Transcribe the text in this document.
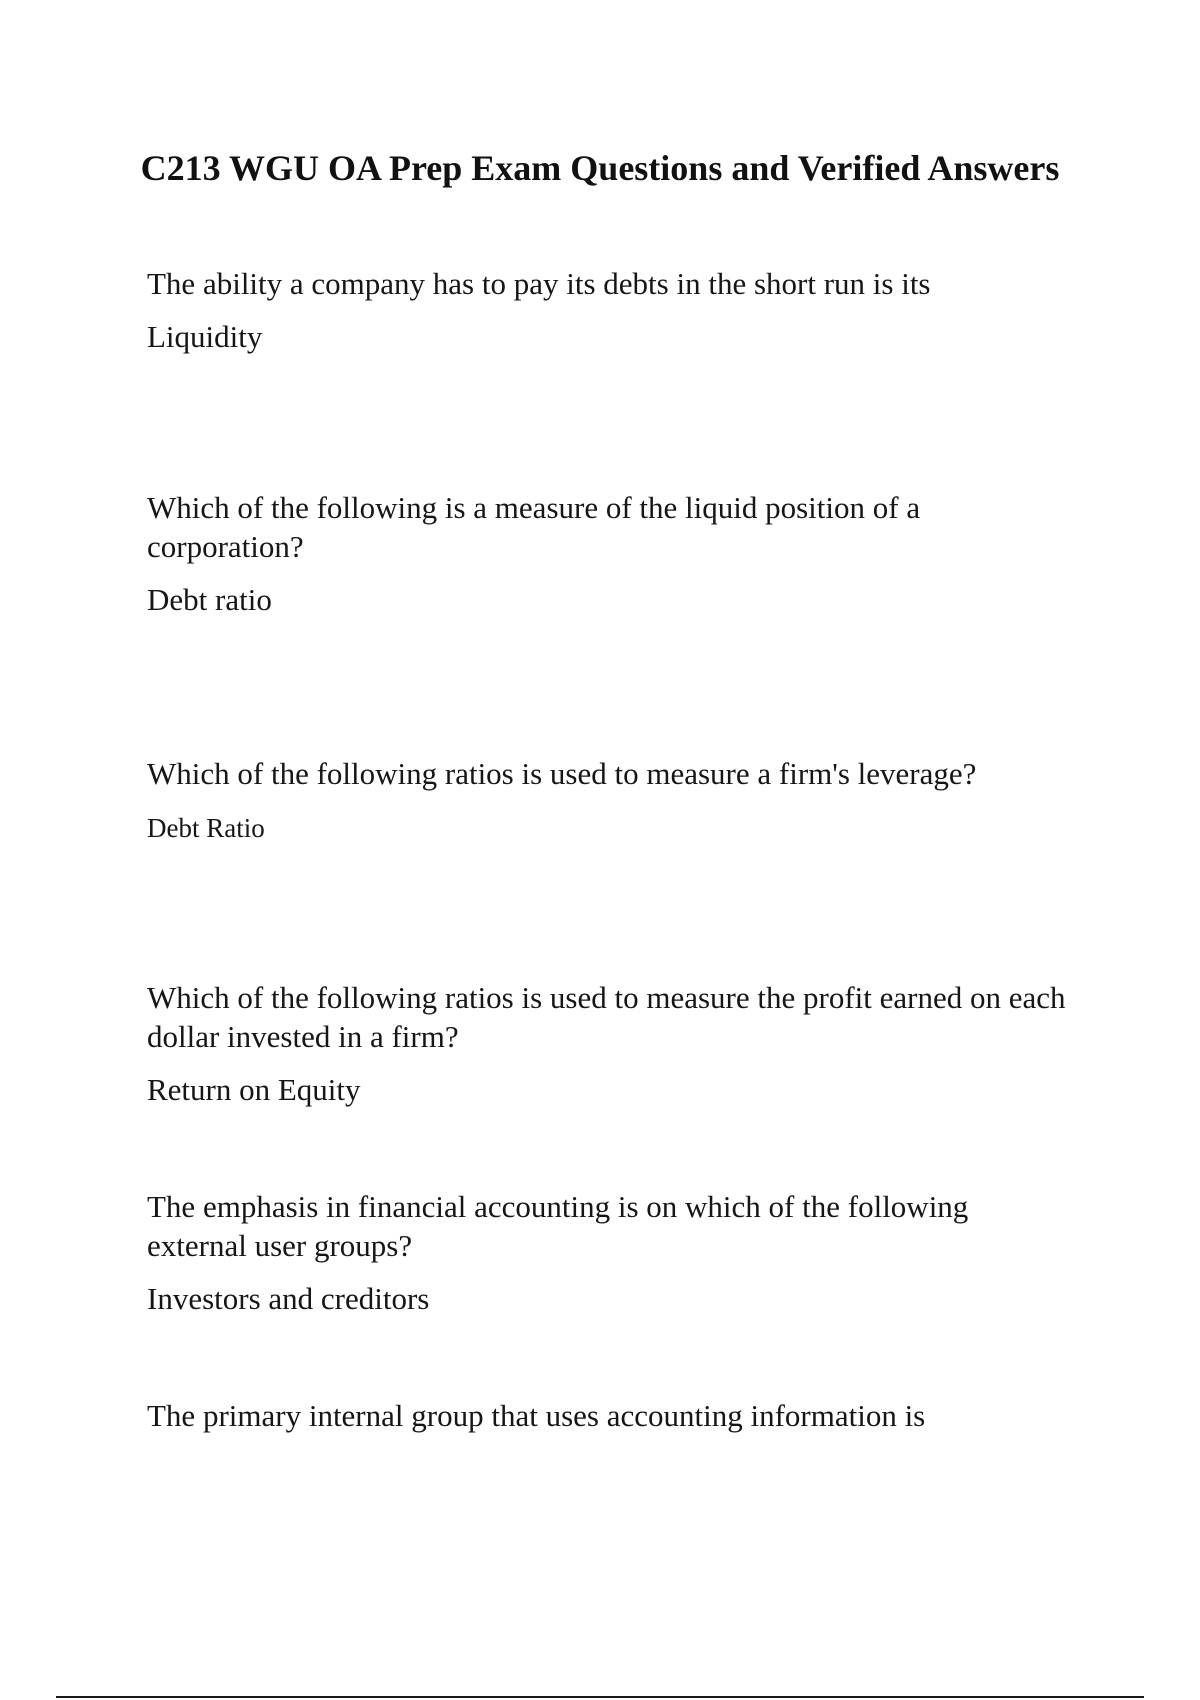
C213 WGU OA Prep Exam Questions and Verified Answers

The ability a company has to pay its debts in the short run is its

Liquidity

Which of the following is a measure of the liquid position of a corporation?

Debt ratio

Which of the following ratios is used to measure a firm's leverage?

Debt Ratio

Which of the following ratios is used to measure the profit earned on each dollar invested in a firm?

Return on Equity

The emphasis in financial accounting is on which of the following external user groups?

Investors and creditors

The primary internal group that uses accounting information is
